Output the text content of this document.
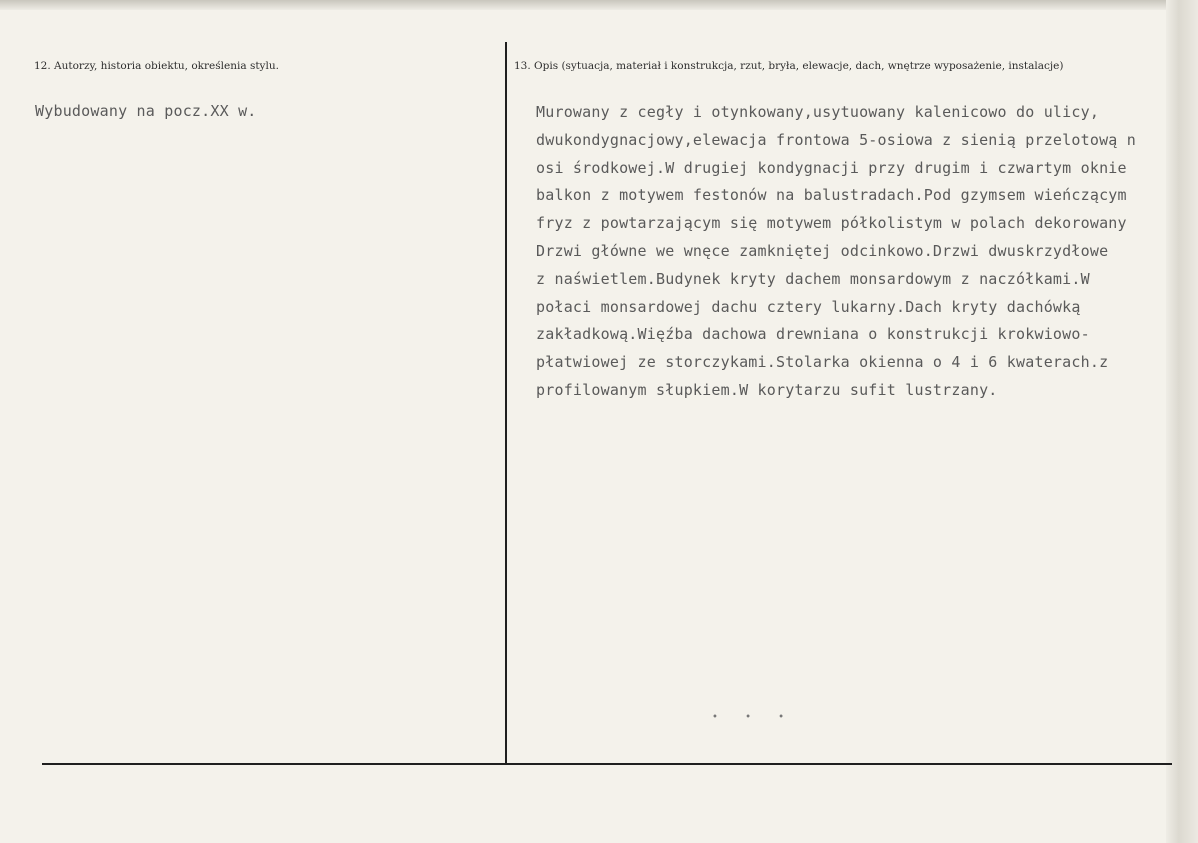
12. Autorzy, historia obiektu, określenia stylu.
Wybudowany na pocz.XX w.
13. Opis (sytuacja, materiał i konstrukcja, rzut, bryła, elewacje, dach, wnętrze wyposażenie, instalacje)
Murowany z cegły i otynkowany,usytuowany kalenicowo do ulicy,
dwukondygnacjowy,elewacja frontowa 5-osiowa z sienią przelotową n
osi środkowej.W drugiej kondygnacji przy drugim i czwartym oknie
balkon z motywem festonów na balustradach.Pod gzymsem wieńczącym
fryz z powtarzającym się motywem półkolistym w polach dekorowany
Drzwi główne we wnęce zamkniętej odcinkowo.Drzwi dwuskrzydłowe
z naświetlem.Budynek kryty dachem monsardowym z naczółkami.W
połaci monsardowej dachu cztery lukarny.Dach kryty dachówką
zakładkową.Więźba dachowa drewniana o konstrukcji krokwiowo-
płatwiowej ze storczykami.Stolarka okienna o 4 i 6 kwaterach.z
profilowanym słupkiem.W korytarzu sufit lustrzany.
• • •
